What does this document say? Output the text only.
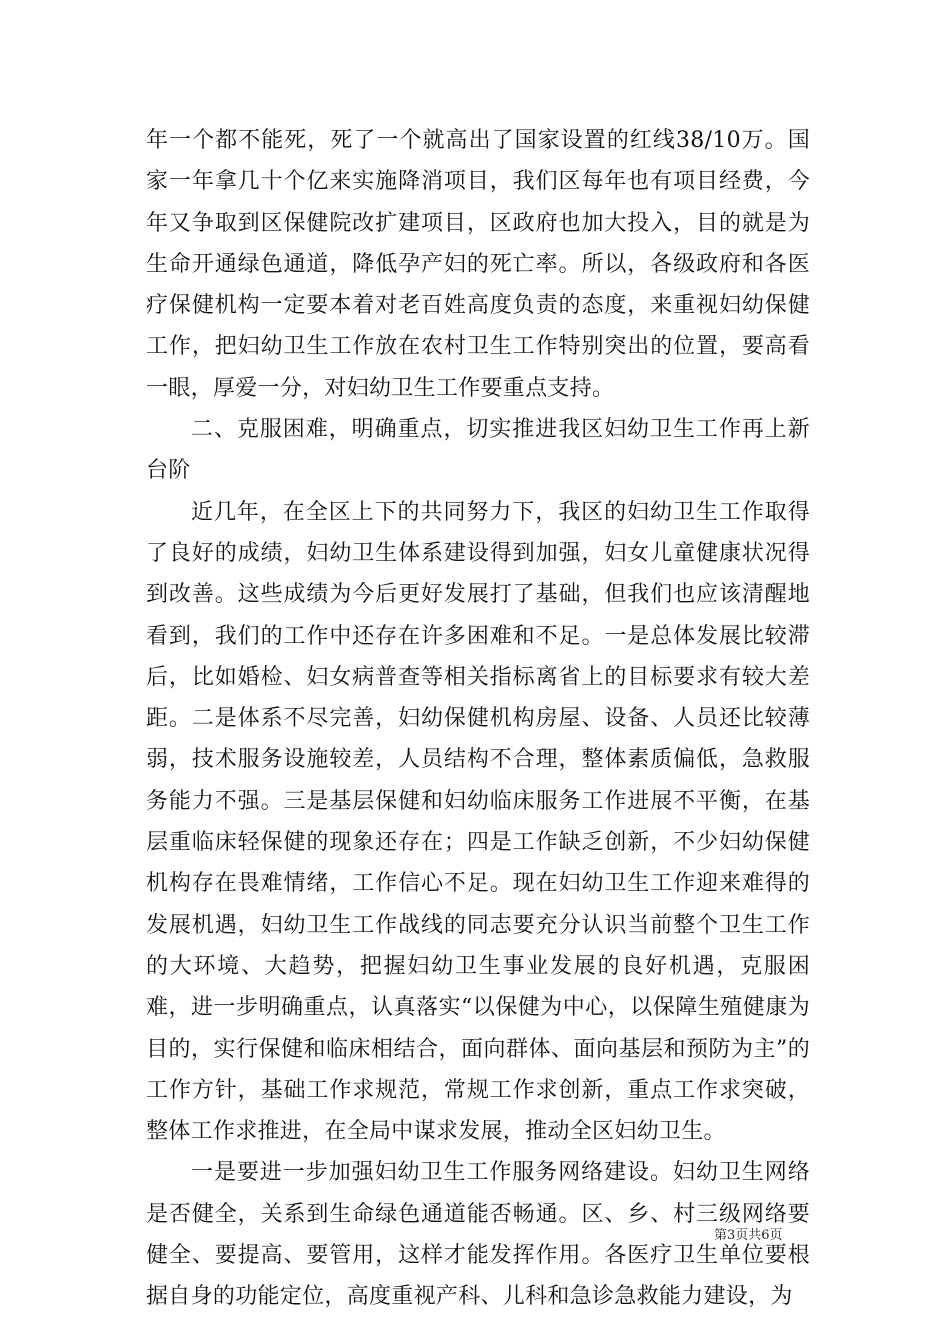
年一个都不能死，死了一个就高出了国家设置的红线38/10万。国家一年拿几十个亿来实施降消项目，我们区每年也有项目经费，今年又争取到区保健院改扩建项目，区政府也加大投入，目的就是为生命开通绿色通道，降低孕产妇的死亡率。所以，各级政府和各医疗保健机构一定要本着对老百姓高度负责的态度，来重视妇幼保健工作，把妇幼卫生工作放在农村卫生工作特别突出的位置，要高看一眼，厚爱一分，对妇幼卫生工作要重点支持。

二、克服困难，明确重点，切实推进我区妇幼卫生工作再上新台阶

近几年，在全区上下的共同努力下，我区的妇幼卫生工作取得了良好的成绩，妇幼卫生体系建设得到加强，妇女儿童健康状况得到改善。这些成绩为今后更好发展打了基础，但我们也应该清醒地看到，我们的工作中还存在许多困难和不足。一是总体发展比较滞后，比如婚检、妇女病普查等相关指标离省上的目标要求有较大差距。二是体系不尽完善，妇幼保健机构房屋、设备、人员还比较薄弱，技术服务设施较差，人员结构不合理，整体素质偏低，急救服务能力不强。三是基层保健和妇幼临床服务工作进展不平衡，在基层重临床轻保健的现象还存在；四是工作缺乏创新，不少妇幼保健机构存在畏难情绪，工作信心不足。现在妇幼卫生工作迎来难得的发展机遇，妇幼卫生工作战线的同志要充分认识当前整个卫生工作的大环境、大趋势，把握妇幼卫生事业发展的良好机遇，克服困难，进一步明确重点，认真落实“以保健为中心，以保障生殖健康为目的，实行保健和临床相结合，面向群体、面向基层和预防为主”的工作方针，基础工作求规范，常规工作求创新，重点工作求突破，整体工作求推进，在全局中谋求发展，推动全区妇幼卫生。

一是要进一步加强妇幼卫生工作服务网络建设。妇幼卫生网络是否健全，关系到生命绿色通道能否畅通。区、乡、村三级网络要健全、要提高、要管用，这样才能发挥作用。各医疗卫生单位要根据自身的功能定位，高度重视产科、儿科和急诊急救能力建设，为

第3页共6页
